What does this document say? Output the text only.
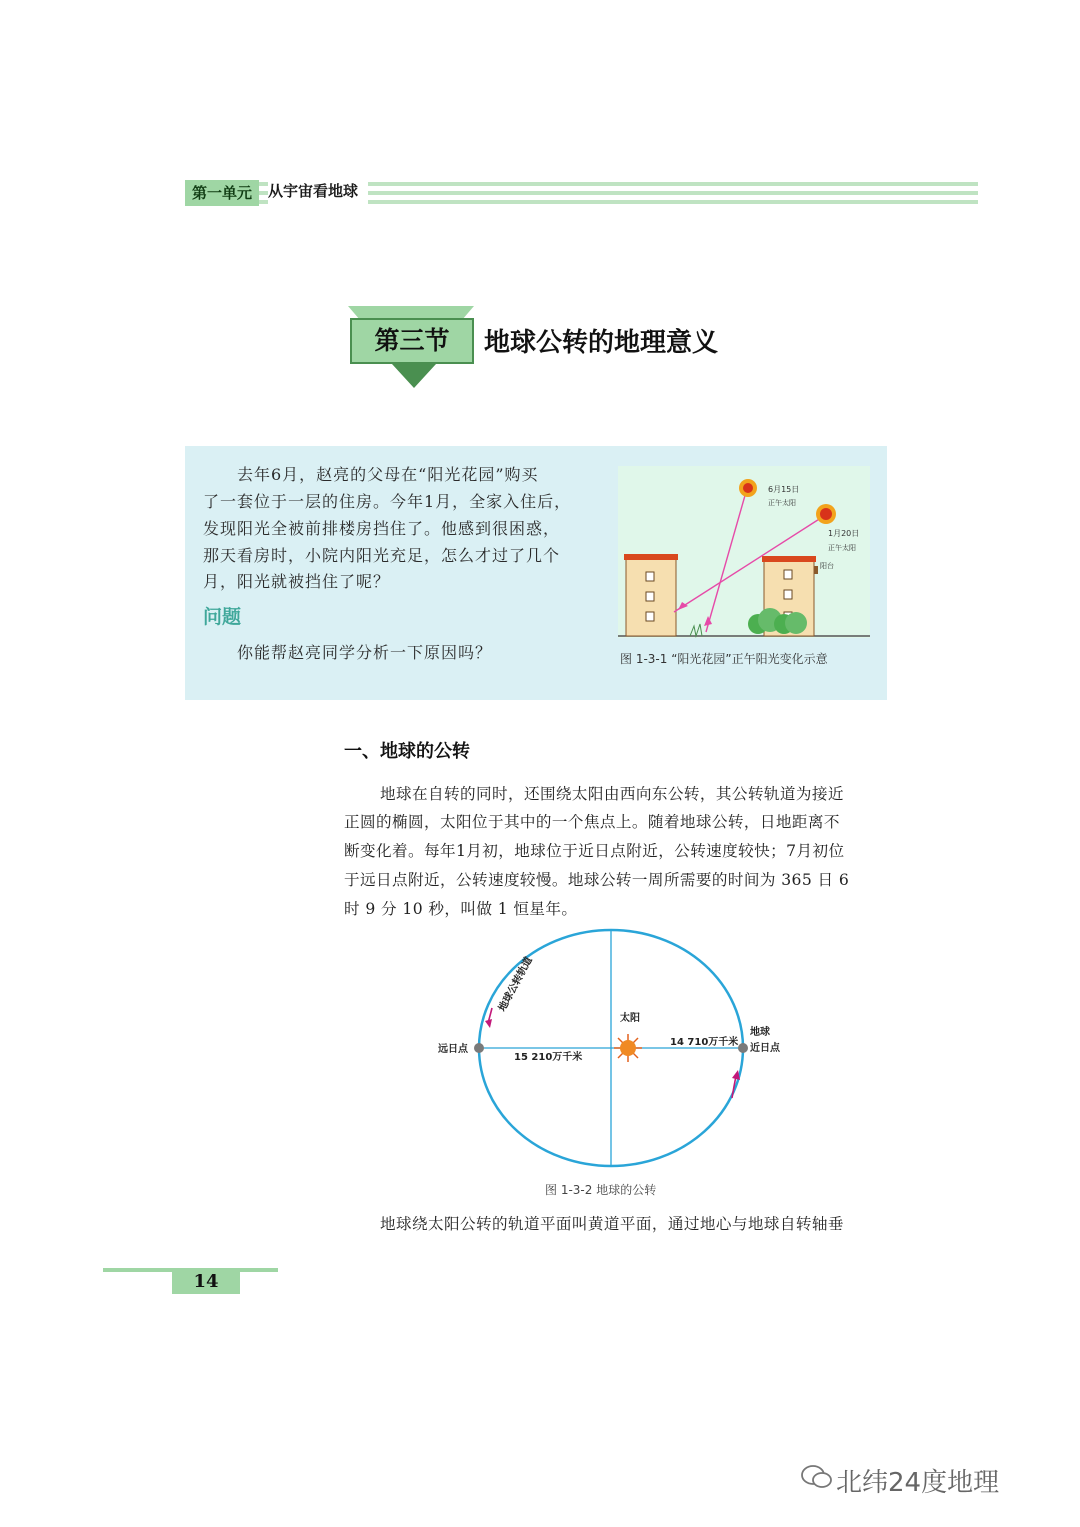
第一单元	从宇宙看地球
第三节	地球公转的地理意义
去年6月，赵亮的父母在“阳光花园”购买
了一套位于一层的住房。今年1月，全家入住后，
发现阳光全被前排楼房挡住了。他感到很困惑，
那天看房时，小院内阳光充足，怎么才过了几个
月，阳光就被挡住了呢？
问题
你能帮赵亮同学分析一下原因吗？
6月15日
正午太阳
1月20日
正午太阳
阳台
图 1-3-1 “阳光花园”正午阳光变化示意
一、地球的公转
地球在自转的同时，还围绕太阳由西向东公转，其公转轨道为接近
正圆的椭圆，太阳位于其中的一个焦点上。随着地球公转，日地距离不
断变化着。每年1月初，地球位于近日点附近，公转速度较快；7月初位
于远日点附近，公转速度较慢。地球公转一周所需要的时间为 365 日 6
时 9 分 10 秒，叫做 1 恒星年。
地球公转轨道
太阳
远日点
地球
近日点
15 210万千米
14 710万千米
图 1-3-2 地球的公转
地球绕太阳公转的轨道平面叫黄道平面，通过地心与地球自转轴垂
14
北纬24度地理
